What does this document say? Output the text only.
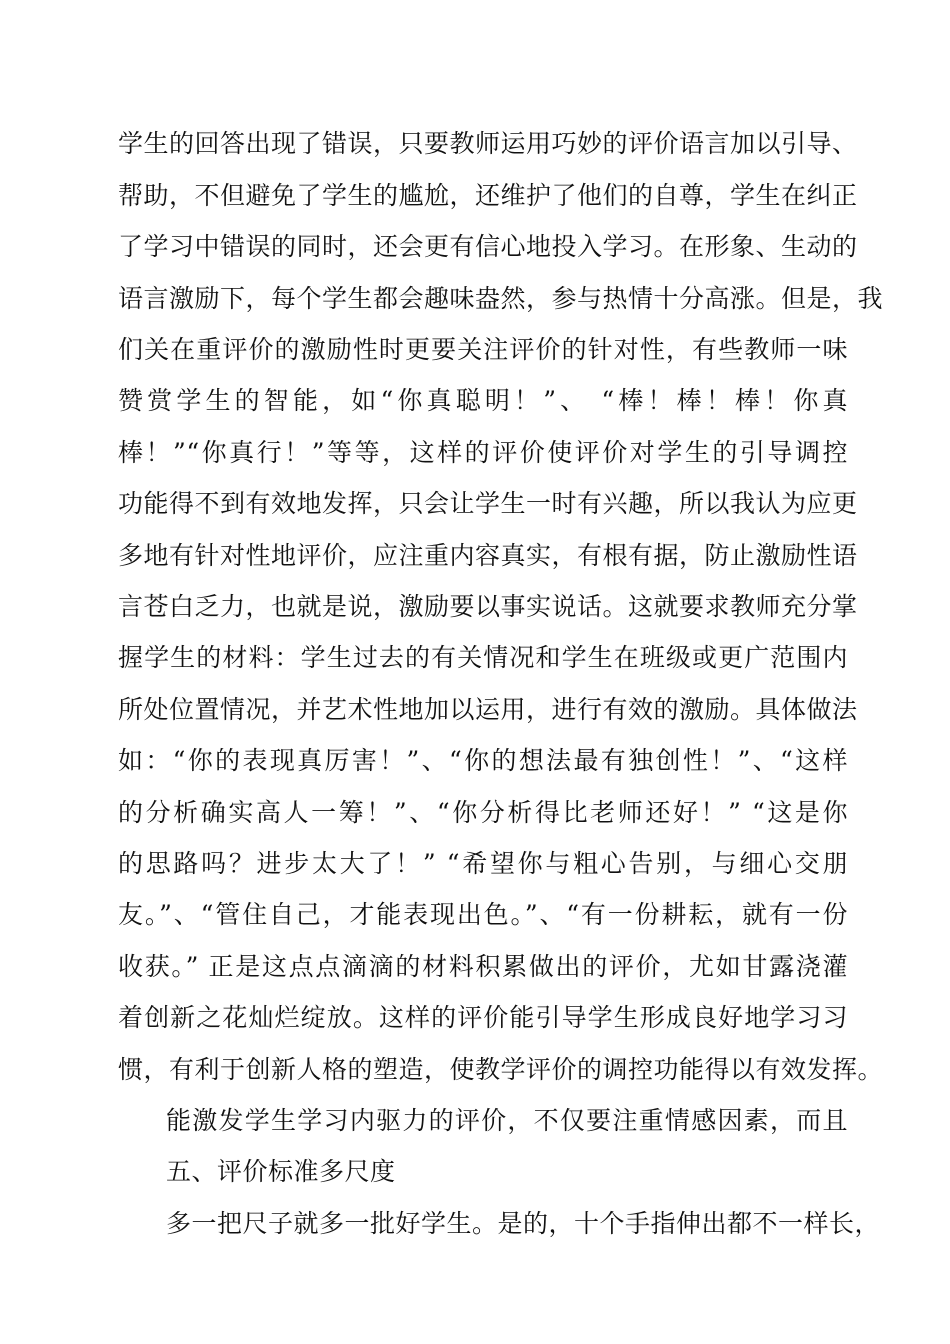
学生的回答出现了错误，只要教师运用巧妙的评价语言加以引导、
帮助，不但避免了学生的尴尬，还维护了他们的自尊，学生在纠正
了学习中错误的同时，还会更有信心地投入学习。在形象、生动的
语言激励下，每个学生都会趣味盎然，参与热情十分高涨。但是，我
们关在重评价的激励性时更要关注评价的针对性，有些教师一味
赞赏学生的智能，如“你真聪明！”、 “棒！棒！棒！你真
棒！”“你真行！”等等，这样的评价使评价对学生的引导调控
功能得不到有效地发挥，只会让学生一时有兴趣，所以我认为应更
多地有针对性地评价，应注重内容真实，有根有据，防止激励性语
言苍白乏力，也就是说，激励要以事实说话。这就要求教师充分掌
握学生的材料：学生过去的有关情况和学生在班级或更广范围内
所处位置情况，并艺术性地加以运用，进行有效的激励。具体做法
如：“你的表现真厉害！”、“你的想法最有独创性！”、“这样
的分析确实高人一筹！”、“你分析得比老师还好！” “这是你
的思路吗？进步太大了！” “希望你与粗心告别，与细心交朋
友。”、“管住自己，才能表现出色。”、“有一份耕耘，就有一份
收获。” 正是这点点滴滴的材料积累做出的评价，尤如甘露浇灌
着创新之花灿烂绽放。这样的评价能引导学生形成良好地学习习
惯，有利于创新人格的塑造，使教学评价的调控功能得以有效发挥。
能激发学生学习内驱力的评价，不仅要注重情感因素，而且
五、评价标准多尺度
多一把尺子就多一批好学生。是的，十个手指伸出都不一样长，
